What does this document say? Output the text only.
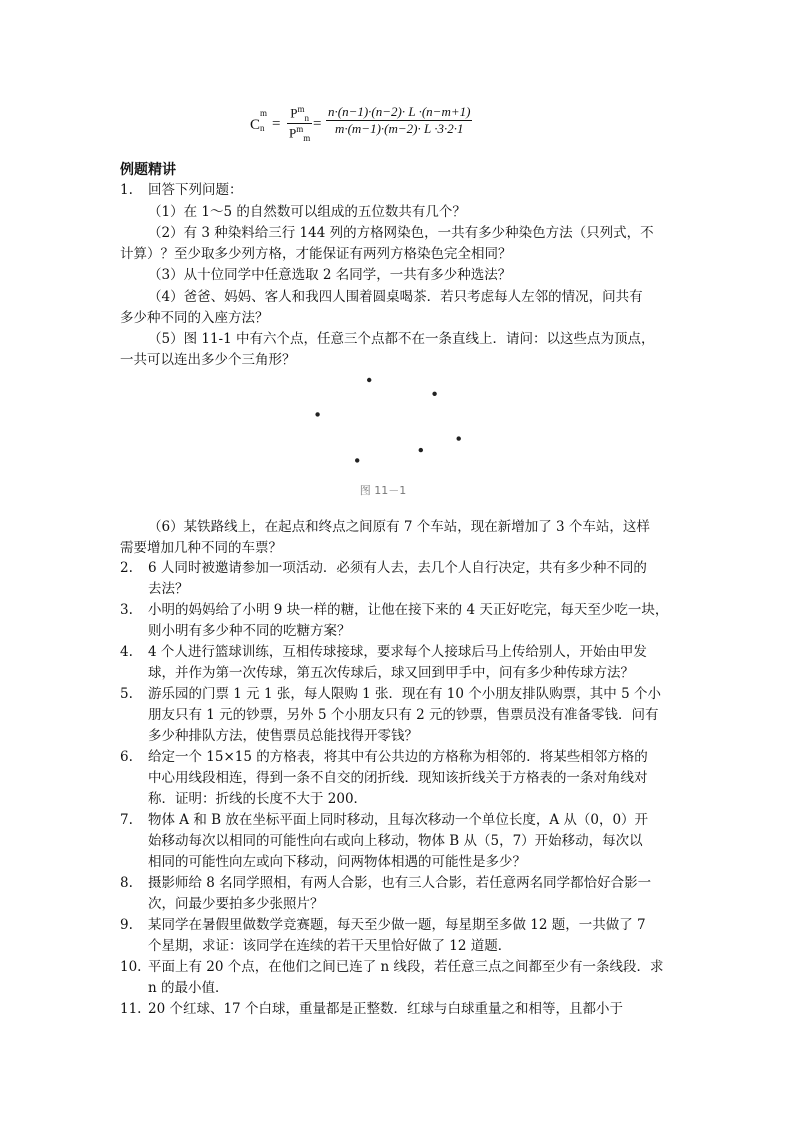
C
m
n =
$P^m_n$
$P^m_m$
= $\frac{n\cdot(n-1)\cdot(n-2)\cdot L \cdot(n-m+1)}{m\cdot(m-1)\cdot(m-2)\cdot L \cdot 3\cdot 2\cdot 1}$
例题精讲
1. 回答下列问题：
（1）在 1～5 的自然数可以组成的五位数共有几个？
（2）有 3 种染料给三行 144 列的方格网染色，一共有多少种染色方法（只列式，不
计算）？至少取多少列方格，才能保证有两列方格染色完全相同？
（3）从十位同学中任意选取 2 名同学，一共有多少种选法？
（4）爸爸、妈妈、客人和我四人围着圆桌喝茶．若只考虑每人左邻的情况，问共有
多少种不同的入座方法？
（5）图 11-1 中有六个点，任意三个点都不在一条直线上．请问：以这些点为顶点，
一共可以连出多少个三角形？
图 11－1
（6）某铁路线上，在起点和终点之间原有 7 个车站，现在新增加了 3 个车站，这样
需要增加几种不同的车票？
2. 6 人同时被邀请参加一项活动．必须有人去，去几个人自行决定，共有多少种不同的
去法？
3. 小明的妈妈给了小明 9 块一样的糖，让他在接下来的 4 天正好吃完，每天至少吃一块，
则小明有多少种不同的吃糖方案？
4. 4 个人进行篮球训练，互相传球接球，要求每个人接球后马上传给别人，开始由甲发
球，并作为第一次传球，第五次传球后，球又回到甲手中，问有多少种传球方法？
5. 游乐园的门票 1 元 1 张，每人限购 1 张．现在有 10 个小朋友排队购票，其中 5 个小
朋友只有 1 元的钞票，另外 5 个小朋友只有 2 元的钞票，售票员没有准备零钱．问有
多少种排队方法，使售票员总能找得开零钱？
6. 给定一个 15×15 的方格表，将其中有公共边的方格称为相邻的．将某些相邻方格的
中心用线段相连，得到一条不自交的闭折线．现知该折线关于方格表的一条对角线对
称．证明：折线的长度不大于 200．
7. 物体 A 和 B 放在坐标平面上同时移动，且每次移动一个单位长度，A 从（0，0）开
始移动每次以相同的可能性向右或向上移动，物体 B 从（5，7）开始移动，每次以
相同的可能性向左或向下移动，问两物体相遇的可能性是多少？
8. 摄影师给 8 名同学照相，有两人合影，也有三人合影，若任意两名同学都恰好合影一
次，问最少要拍多少张照片？
9. 某同学在暑假里做数学竞赛题，每天至少做一题，每星期至多做 12 题，一共做了 7
个星期，求证：该同学在连续的若干天里恰好做了 12 道题．
10. 平面上有 20 个点，在他们之间已连了 n 线段，若任意三点之间都至少有一条线段．求
n 的最小值．
11. 20 个红球、17 个白球，重量都是正整数．红球与白球重量之和相等，且都小于
